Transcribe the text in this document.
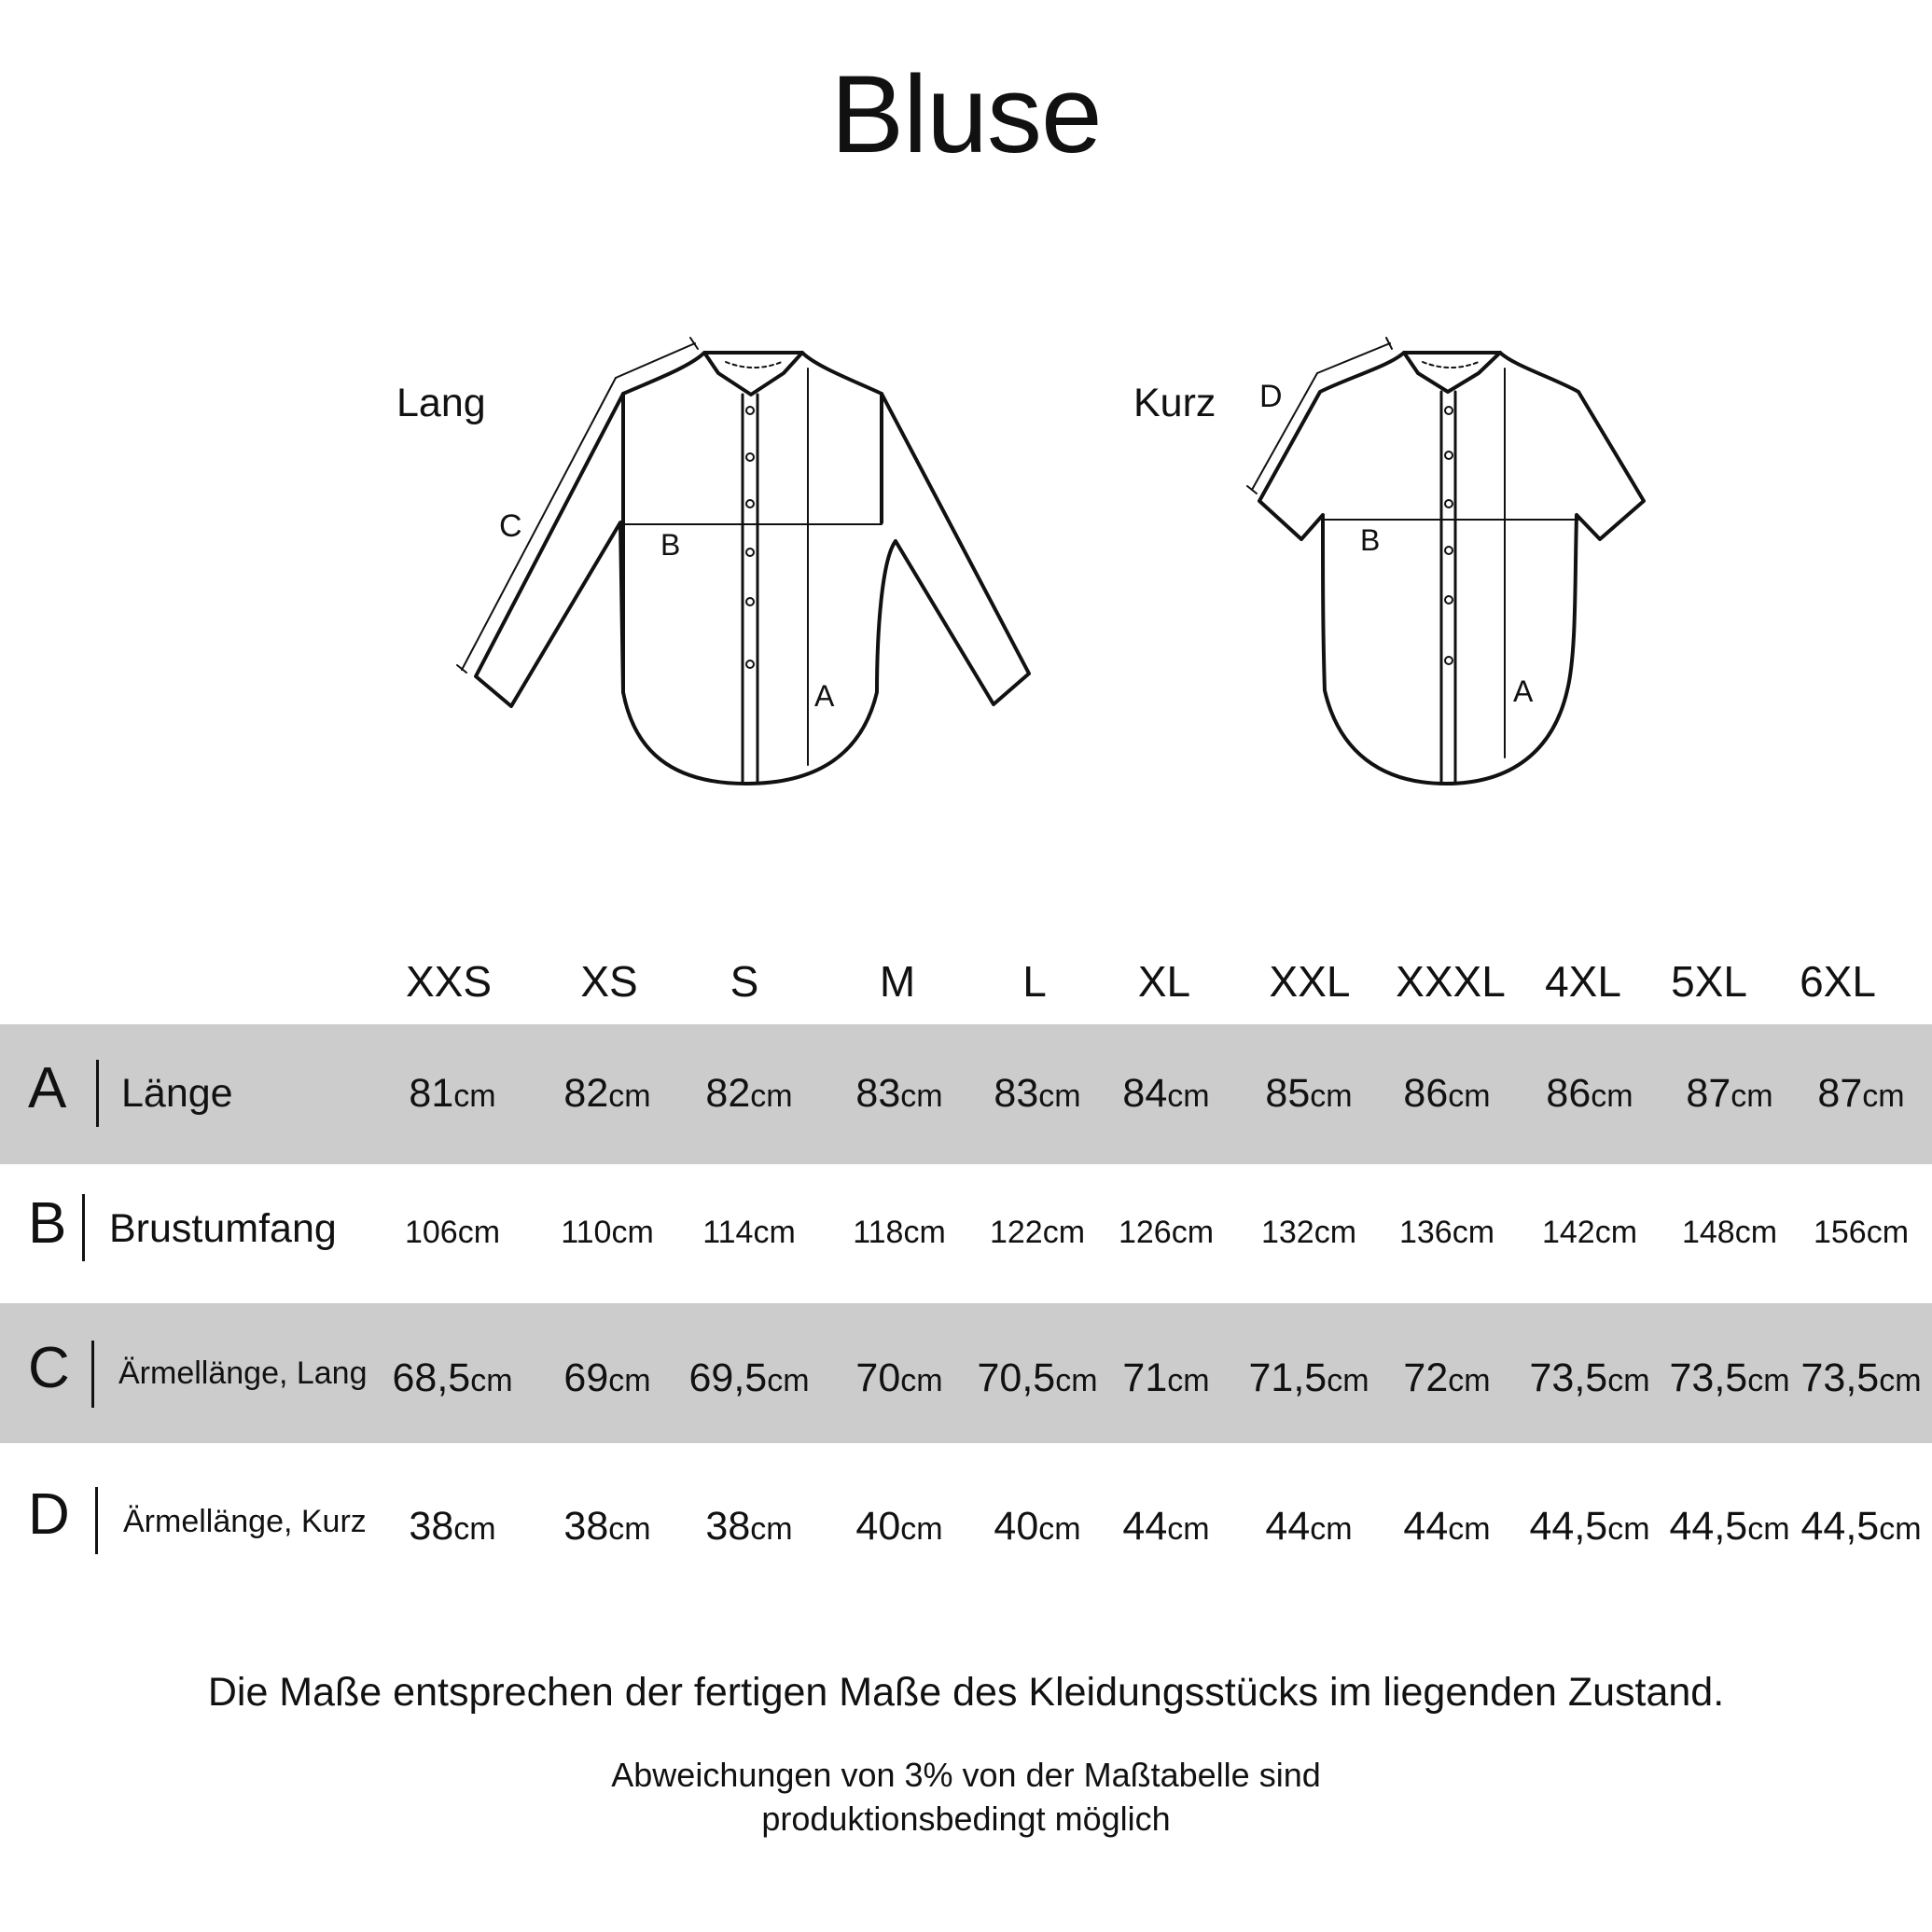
Bluse
Lang	Kurz
C
B
A
D
B
A
XXS XS S	M	L XL XXL XXXL 4XL 5XL 6XL
A Länge	81cm 82cm 82cm 83cm 83cm 84cm 85cm 86cm 86cm 87cm 87cm
B Brustumfang 106cm 110cm 114cm 118cm 122cm 126cm 132cm 136cm 142cm 148cm 156cm
C Ärmellänge, Lang 68,5cm 69cm 69,5cm 70cm 70,5cm 71cm 71,5cm 72cm 73,5cm 73,5cm 73,5cm
D Ärmellänge, Kurz 38cm 38cm 38cm 40cm 40cm 44cm 44cm 44cm 44,5cm 44,5cm 44,5cm
Die Maße entsprechen der fertigen Maße des Kleidungsstücks im liegenden Zustand.
Abweichungen von 3% von der Maßtabelle sind
produktionsbedingt möglich
